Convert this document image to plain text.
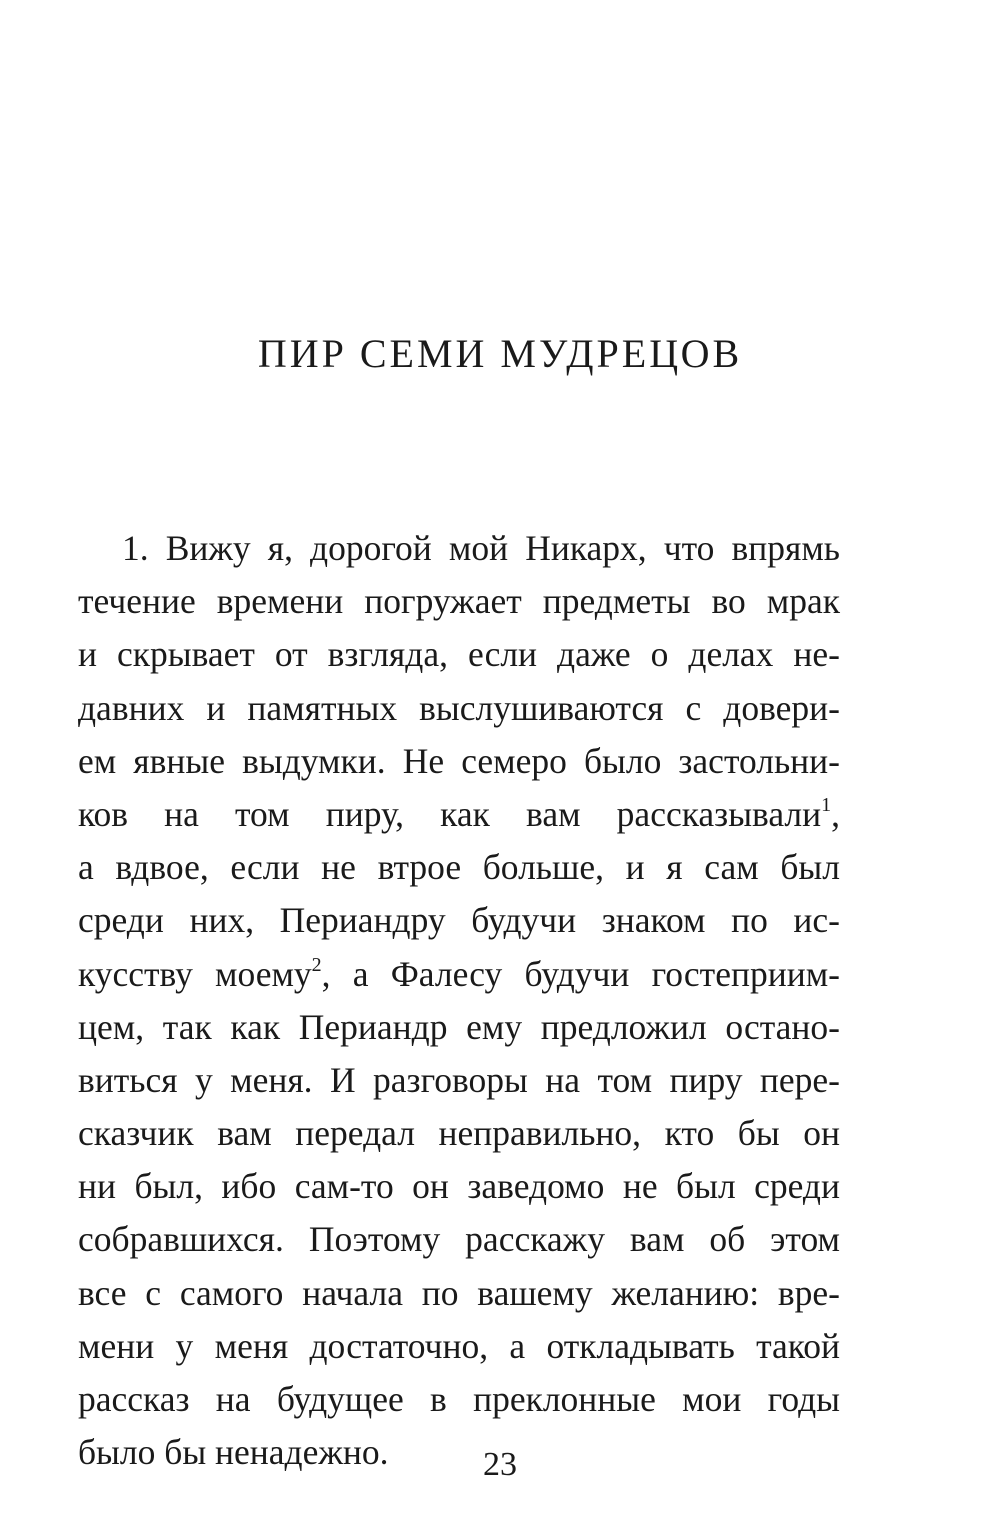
ПИР СЕМИ МУДРЕЦОВ
1. Вижу я, дорогой мой Никарх, что впрямь
течение времени погружает предметы во мрак
и скрывает от взгляда, если даже о делах не-
давних и памятных выслушиваются с довери-
ем явные выдумки. Не семеро было застольни-
ков на том пиру, как вам рассказывали$^1$,
а вдвое, если не втрое больше, и я сам был
среди них, Периандру будучи знаком по ис-
кусству моему$^2$, а Фалесу будучи гостеприим-
цем, так как Периандр ему предложил остано-
виться у меня. И разговоры на том пиру пере-
сказчик вам передал неправильно, кто бы он
ни был, ибо сам-то он заведомо не был среди
собравшихся. Поэтому расскажу вам об этом
все с самого начала по вашему желанию: вре-
мени у меня достаточно, а откладывать такой
рассказ на будущее в преклонные мои годы
было бы ненадежно.	23
